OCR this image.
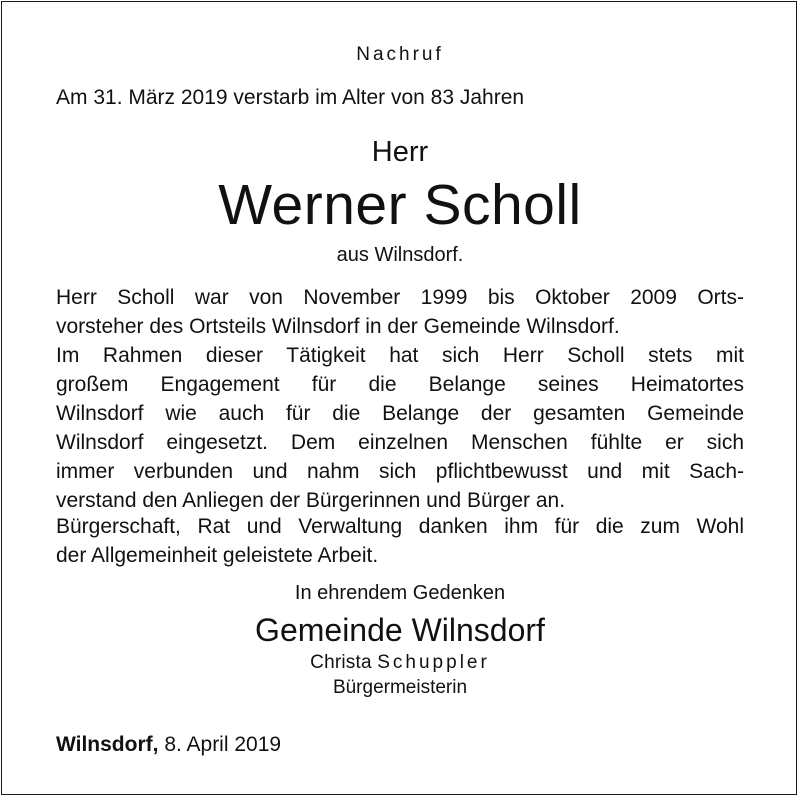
Nachruf
Am 31. März 2019 verstarb im Alter von 83 Jahren
Herr
Werner Scholl
aus Wilnsdorf.
Herr Scholl war von November 1999 bis Oktober 2009 Orts-
vorsteher des Ortsteils Wilnsdorf in der Gemeinde Wilnsdorf.
Im Rahmen dieser Tätigkeit hat sich Herr Scholl stets mit
großem Engagement für die Belange seines Heimatortes
Wilnsdorf wie auch für die Belange der gesamten Gemeinde
Wilnsdorf eingesetzt. Dem einzelnen Menschen fühlte er sich
immer verbunden und nahm sich pflichtbewusst und mit Sach-
verstand den Anliegen der Bürgerinnen und Bürger an.
Bürgerschaft, Rat und Verwaltung danken ihm für die zum Wohl
der Allgemeinheit geleistete Arbeit.
In ehrendem Gedenken
Gemeinde Wilnsdorf
Christa Schuppler
Bürgermeisterin
Wilnsdorf, 8. April 2019
